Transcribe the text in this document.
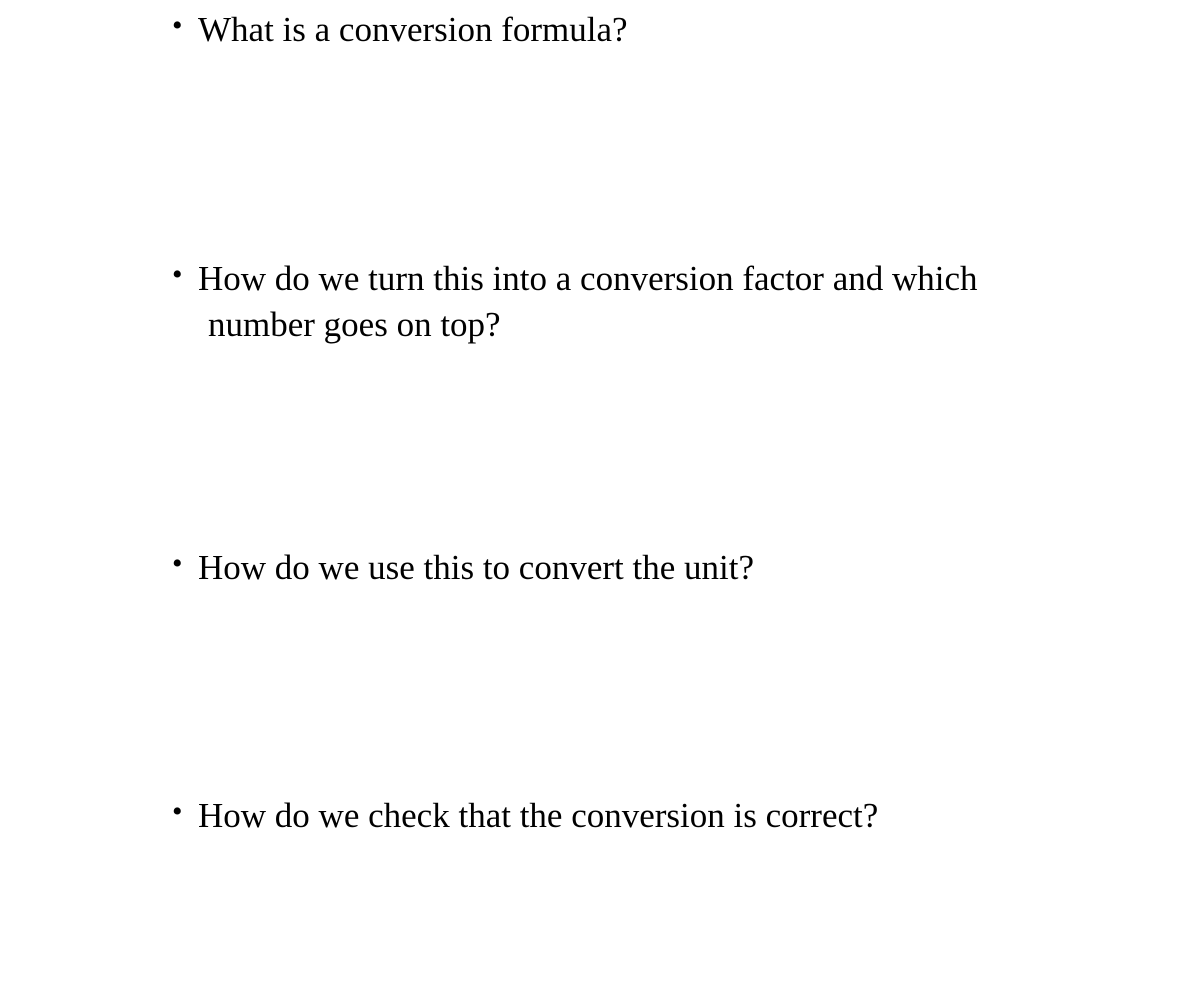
• What is a conversion formula?
• How do we turn this into a conversion factor and which
number goes on top?
• How do we use this to convert the unit?
• How do we check that the conversion is correct?
